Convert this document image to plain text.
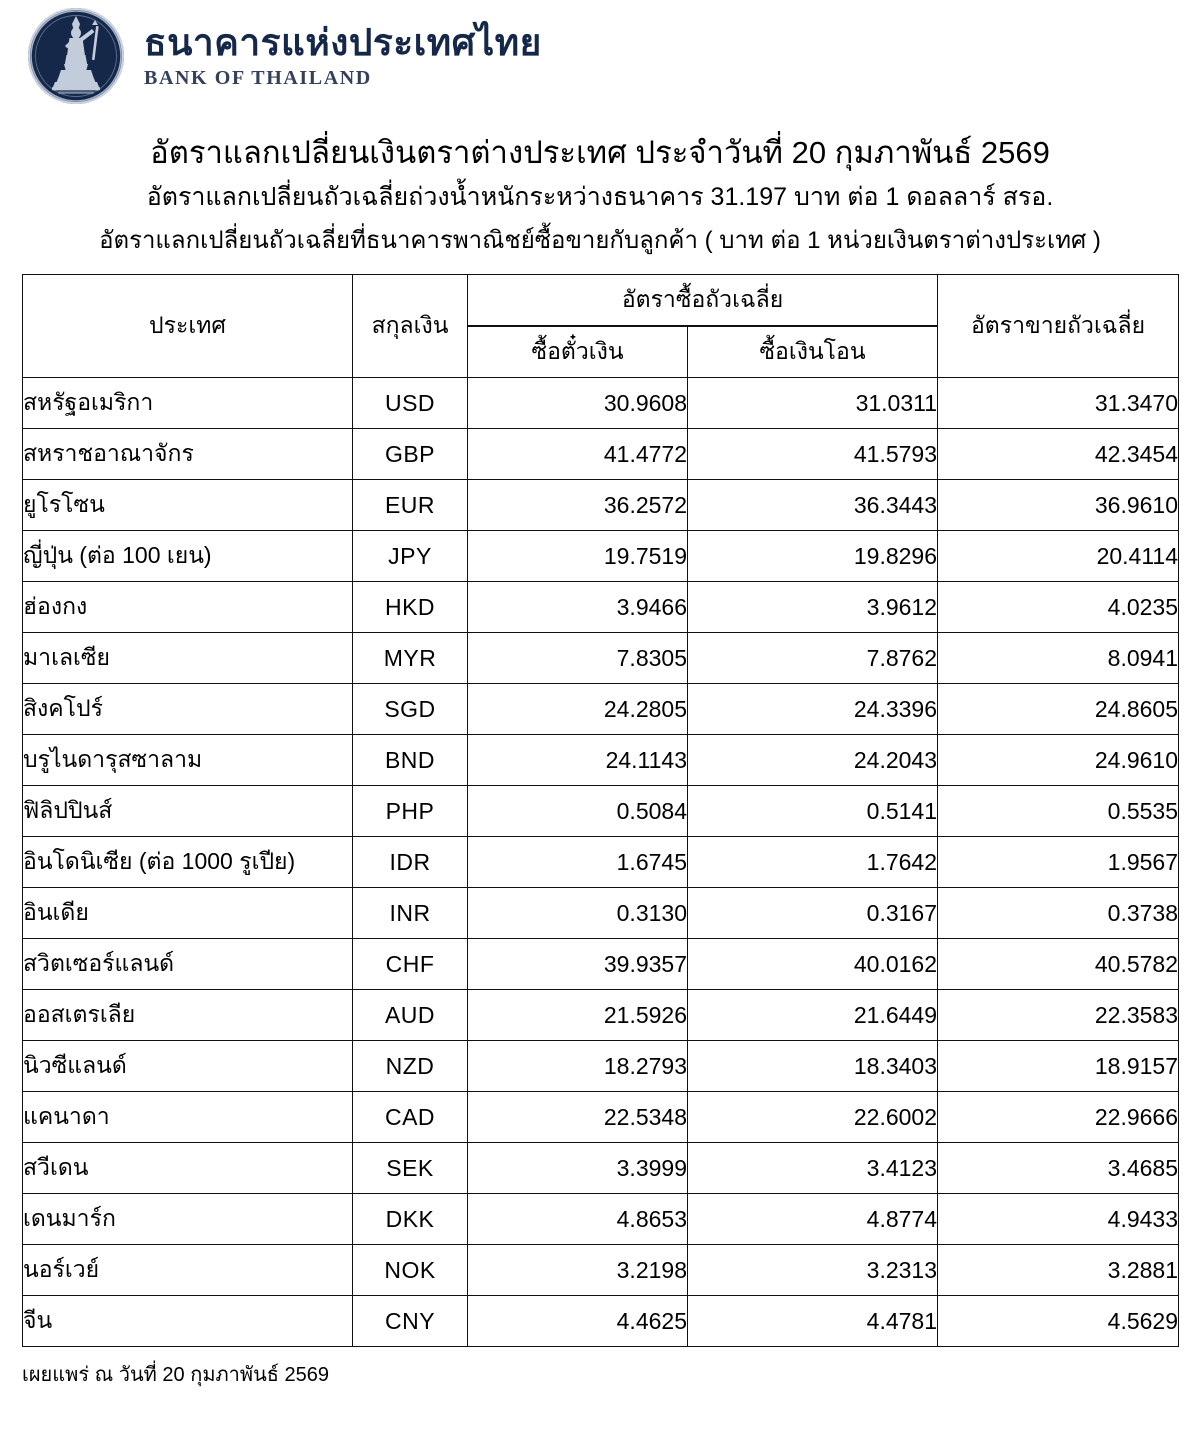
ธนาคารแห่งประเทศไทย
BANK OF THAILAND
อัตราแลกเปลี่ยนเงินตราต่างประเทศ ประจำวันที่ 20 กุมภาพันธ์ 2569
อัตราแลกเปลี่ยนถัวเฉลี่ยถ่วงน้ำหนักระหว่างธนาคาร 31.197 บาท ต่อ 1 ดอลลาร์ สรอ.
อัตราแลกเปลี่ยนถัวเฉลี่ยที่ธนาคารพาณิชย์ซื้อขายกับลูกค้า ( บาท ต่อ 1 หน่วยเงินตราต่างประเทศ )
ประเทศ	สกุลเงิน	อัตราซื้อถัวเฉลี่ย		อัตราขายถัวเฉลี่ย
		ซื้อตั๋วเงิน	ซื้อเงินโอน	
สหรัฐอเมริกา	USD	30.9608	31.0311	31.3470
สหราชอาณาจักร	GBP	41.4772	41.5793	42.3454
ยูโรโซน	EUR	36.2572	36.3443	36.9610
ญี่ปุ่น (ต่อ 100 เยน)	JPY	19.7519	19.8296	20.4114
ฮ่องกง	HKD	3.9466	3.9612	4.0235
มาเลเซีย	MYR	7.8305	7.8762	8.0941
สิงคโปร์	SGD	24.2805	24.3396	24.8605
บรูไนดารุสซาลาม	BND	24.1143	24.2043	24.9610
ฟิลิปปินส์	PHP	0.5084	0.5141	0.5535
อินโดนิเซีย (ต่อ 1000 รูเปีย)	IDR	1.6745	1.7642	1.9567
อินเดีย	INR	0.3130	0.3167	0.3738
สวิตเซอร์แลนด์	CHF	39.9357	40.0162	40.5782
ออสเตรเลีย	AUD	21.5926	21.6449	22.3583
นิวซีแลนด์	NZD	18.2793	18.3403	18.9157
แคนาดา	CAD	22.5348	22.6002	22.9666
สวีเดน	SEK	3.3999	3.4123	3.4685
เดนมาร์ก	DKK	4.8653	4.8774	4.9433
นอร์เวย์	NOK	3.2198	3.2313	3.2881
จีน	CNY	4.4625	4.4781	4.5629
เผยแพร่ ณ วันที่ 20 กุมภาพันธ์ 2569
